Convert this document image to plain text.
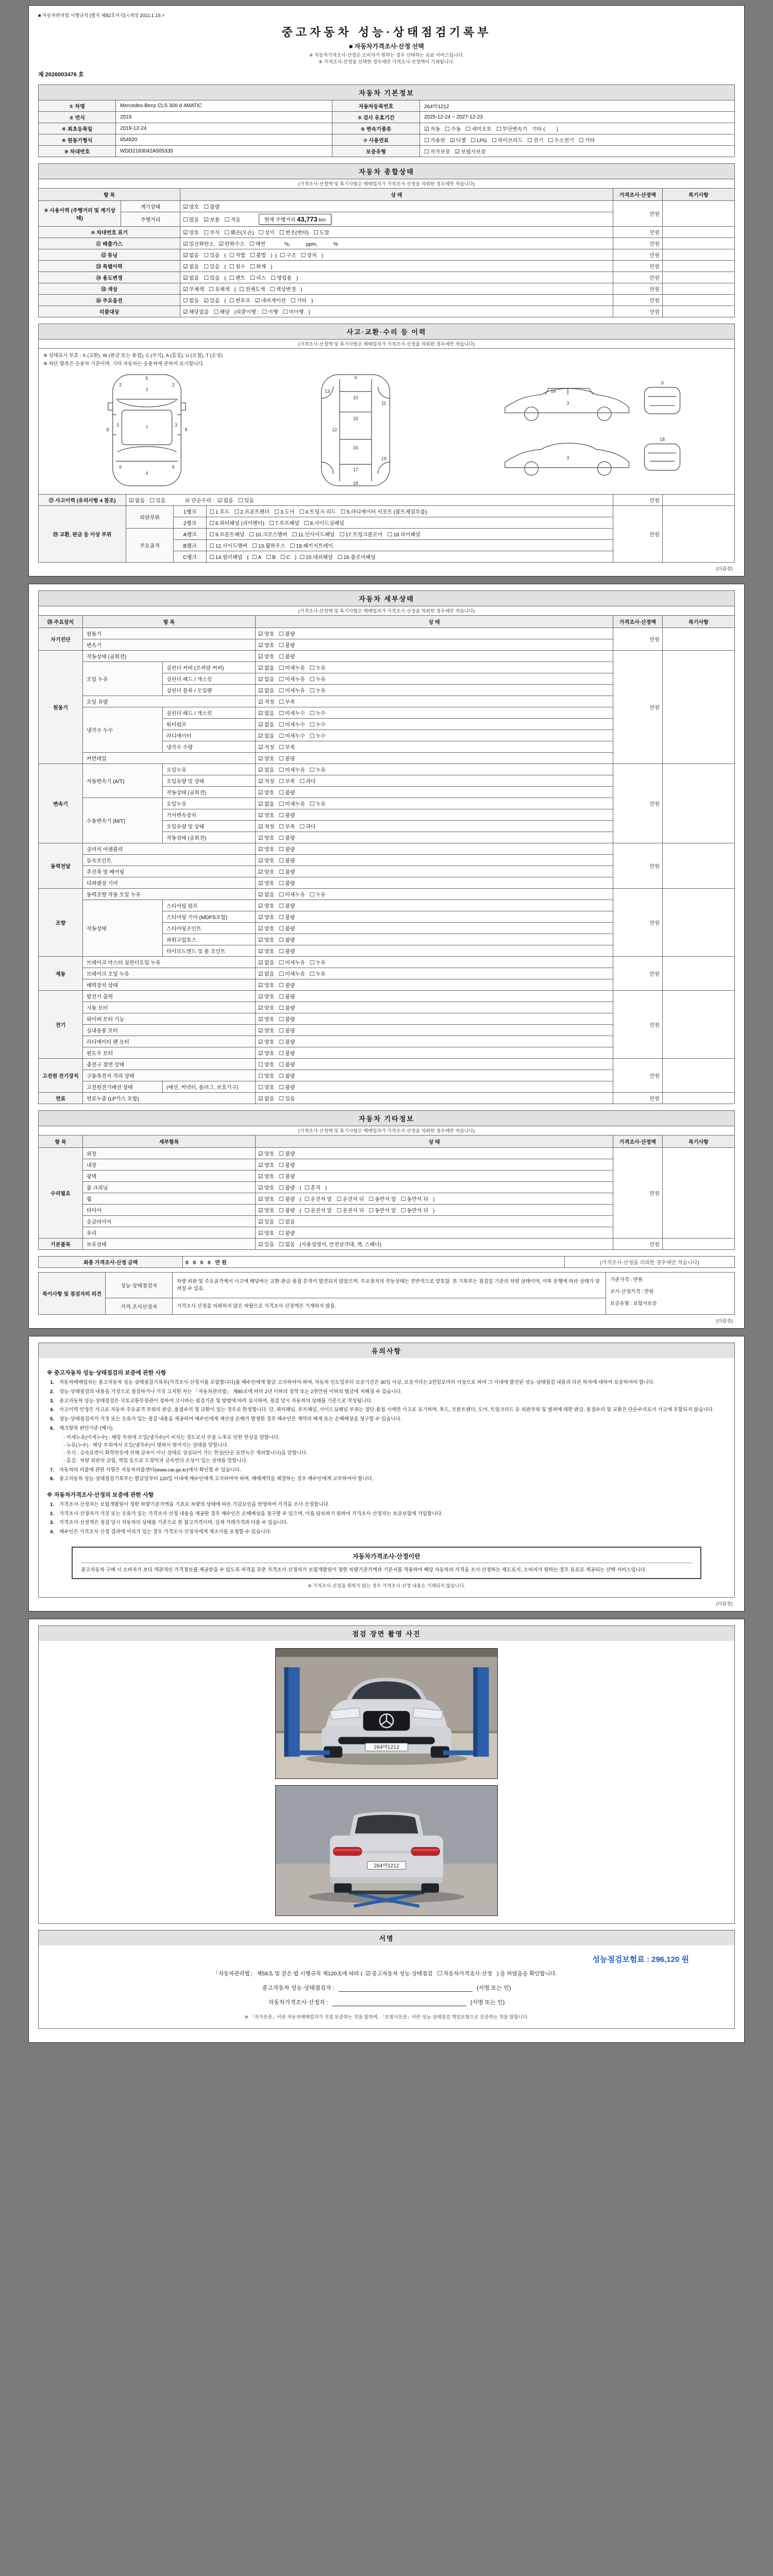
■ 자동차관리법 시행규칙 [별지 제82호서식] <개정 2021.1.19.>
중고자동차 성능·상태점검기록부
■ 자동차가격조사·산정 선택
※ 자동차가격조사·산정은 소비자가 원하는 경우 선택하는 유료 서비스입니다.
※ 가격조사·산정을 선택한 경우에만 가격조사·산정액이 기재됩니다.
제 2026003476 호
자동차 기본정보
① 차명	Mercedes-Benz CLS 300 d 4MATIC	자동차등록번호	264머1212
② 연식	2019	③ 검사 유효기간	2025-12-24 ~ 2027-12-23
④ 최초등록일	2019-12-24	⑤ 변속기종류	☑ 자동 ☐ 수동 ☐ 세미오토 ☐ 무단변속기 기타 (        )
⑥ 원동기형식	654920	⑦ 사용연료	☐ 가솔린 ☑ 디젤 ☐ LPG ☐ 하이브리드 ☐ 전기 ☐ 수소전기 ☐ 기타
⑧ 차대번호	WDD2183042A505335	보증유형	☐ 자가보증 ☑ 보험사보증
자동차 종합상태
(가격조사·산정액 및 특기사항은 매매업자가 가격조사·산정을 의뢰한 경우에만 적습니다)
항 목		상 태	가격조사·산정액	특기사항
⑨ 사용이력 (주행거리 및 계기상태)	계기상태	☑ 양호 ☐ 불량	만원	
	주행거리	☐ 많음 ☑ 보통 ☐ 적음 현재 주행거리 43,773 km		
⑩ 차대번호 표기		☑ 양호 ☐ 부식 ☐ 훼손(오손) ☐ 상이 ☐ 변조(변타) ☐ 도말	만원	
⑪ 배출가스		☑ 일산화탄소 ☑ 탄화수소 ☐ 매연          %,           ppm,           %	만원	
⑫ 튜닝		☑ 없음 ☐ 있음 ( ☐ 적법 ☐ 불법 )  ( ☐ 구조 ☐ 장치 )	만원	
⑬ 특별이력		☑ 없음 ☐ 있음 ( ☐ 침수 ☐ 화재 )	만원	
⑭ 용도변경		☑ 없음 ☐ 있음 ( ☐ 렌트 ☐ 리스 ☐ 영업용 )	만원	
⑮ 색상		☑ 무채색 ☐ 유채색 ( ☐ 전체도색 ☐ 색상변경 )	만원	
⑯ 주요옵션		☐ 없음 ☑ 있음 ( ☐ 썬루프 ☑ 네비게이션 ☐ 기타 )	만원	
리콜대상		☑ 해당없음 ☐ 해당 (리콜이행 : ☐ 이행 ☐ 미이행 )	만원	
사고·교환·수리 등 이력
(가격조사·산정액 및 특기사항은 매매업자가 가격조사·산정을 의뢰한 경우에만 적습니다)
※ 상태표시 부호 : X (교환), W (판금 또는 용접), C (부식), A (흠집), U (요철), T (손상)
※ 하단 항목은 승용차 기준이며, 기타 자동차는 승용차에 준하여 표시합니다.
5
1
7
4
2	2
3	3
6	6
8	8
9
10
11
12
13
15
16
17
18
19
3
14
3
9
18

⑰ 사고이력 (유의사항 4 참조)	☑ 없음 ☐ 있음 ⑱ 단순수리 : ☑ 없음 ☐ 있음			만원	
⑲ 교환, 판금 등 이상 부위	외판부위	1랭크	☐ 1.후드 ☐ 2.프론트펜더 ☐ 3.도어 ☐ 4.트렁크 리드 ☐ 5.라디에이터 서포트 (볼트체결부품)	만원	
		2랭크	☐ 6.쿼터패널 (리어펜더) ☐ 7.루프패널 ☐ 8.사이드실패널		
	주요골격	A랭크	☐ 9.프론트패널 ☐ 10.크로스멤버 ☐ 11.인사이드패널 ☐ 17.트렁크플로어 ☐ 18.리어패널		
		B랭크	☐ 12.사이드멤버 ☐ 13.휠하우스 ☐ 19.패키지트레이		
		C랭크	☐ 14.필러패널 ( ☐ A ☐ B ☐ C ) ☐ 15.대쉬패널 ☐ 16.플로어패널		
(다음장)
자동차 세부상태
(가격조사·산정액 및 특기사항은 매매업자가 가격조사·산정을 의뢰한 경우에만 적습니다)
⑳ 주요장치	항 목		상 태	가격조사·산정액	특기사항
자기진단	원동기		☑ 양호 ☐ 불량	만원	
	변속기		☑ 양호 ☐ 불량		
원동기	작동상태 (공회전)		☑ 양호 ☐ 불량	만원	
	오일 누유	실린더 커버 (로커암 커버)	☑ 없음 ☐ 미세누유 ☐ 누유		
		실린더 헤드 / 개스킷	☑ 없음 ☐ 미세누유 ☐ 누유		
		실린더 블록 / 오일팬	☑ 없음 ☐ 미세누유 ☐ 누유		
	오일 유량		☑ 적정 ☐ 부족		
	냉각수 누수	실린더 헤드 / 개스킷	☑ 없음 ☐ 미세누수 ☐ 누수		
		워터펌프	☑ 없음 ☐ 미세누수 ☐ 누수		
		라디에이터	☑ 없음 ☐ 미세누수 ☐ 누수		
		냉각수 수량	☑ 적정 ☐ 부족		
	커먼레일		☑ 양호 ☐ 불량		
변속기	자동변속기 (A/T)	오일누유	☑ 없음 ☐ 미세누유 ☐ 누유	만원	
		오일유량 및 상태	☑ 적정 ☐ 부족 ☐ 과다		
		작동상태 (공회전)	☑ 양호 ☐ 불량		
	수동변속기 (M/T)	오일누유	☑ 없음 ☐ 미세누유 ☐ 누유		
		기어변속장치	☑ 양호 ☐ 불량		
		오일유량 및 상태	☑ 적정 ☐ 부족 ☐ 과다		
		작동상태 (공회전)	☑ 양호 ☐ 불량		
동력전달	클러치 어셈블리		☑ 양호 ☐ 불량	만원	
	등속조인트		☑ 양호 ☐ 불량		
	추진축 및 베어링		☑ 양호 ☐ 불량		
	디퍼렌셜 기어		☑ 양호 ☐ 불량		
조향	동력조향 작동 오일 누유		☑ 없음 ☐ 미세누유 ☐ 누유	만원	
	작동상태	스티어링 펌프	☑ 양호 ☐ 불량		
		스티어링 기어 (MDPS포함)	☑ 양호 ☐ 불량		
		스티어링조인트	☑ 양호 ☐ 불량		
		파워고압호스	☑ 양호 ☐ 불량		
		타이로드엔드 및 볼 조인트	☑ 양호 ☐ 불량		
제동	브레이크 마스터 실린더오일 누유		☑ 없음 ☐ 미세누유 ☐ 누유	만원	
	브레이크 오일 누유		☑ 없음 ☐ 미세누유 ☐ 누유		
	배력장치 상태		☑ 양호 ☐ 불량		
전기	발전기 출력		☑ 양호 ☐ 불량	만원	
	시동 모터		☑ 양호 ☐ 불량		
	와이퍼 모터 기능		☑ 양호 ☐ 불량		
	실내송풍 모터		☑ 양호 ☐ 불량		
	라디에이터 팬 모터		☑ 양호 ☐ 불량		
	윈도우 모터		☑ 양호 ☐ 불량		
고전원 전기장치	충전구 절연 상태		☐ 양호 ☐ 불량	만원	
	구동축전지 격리 상태		☐ 양호 ☐ 불량		
	고전원전기배선 상태	(배선, 커넥터, 플러그, 보호기구)	☐ 양호 ☐ 불량		
연료	연료누출 (LP가스 포함)		☑ 없음 ☐ 있음	만원	
자동차 기타정보
(가격조사·산정액 및 특기사항은 매매업자가 가격조사·산정을 의뢰한 경우에만 적습니다)
항 목	세부항목	상 태	가격조사·산정액	특기사항
수리필요	외장	☑ 양호 ☐ 불량	만원	
	내장	☑ 양호 ☐ 불량		
	광택	☑ 양호 ☐ 불량		
	룸 크리닝	☑ 양호 ☐ 불량 ( ☐ 흔적 )		
	휠	☑ 양호 ☐ 불량 ( ☐ 운전석 앞 ☐ 운전석 뒤 ☐ 동반석 앞 ☐ 동반석 뒤 )		
	타이어	☑ 양호 ☐ 불량 ( ☐ 운전석 앞 ☐ 운전석 뒤 ☐ 동반석 앞 ☐ 동반석 뒤 )		
	응급타이어	☑ 있음 ☐ 없음		
	유리	☑ 양호 ☐ 불량		
기본품목	보유상태	☑ 있음 ☐ 없음 (사용설명서, 안전삼각대, 잭, 스패너)	만원	
최종 가격조사·산정 금액	0 0 0 0 만원	(가격조사·산정을 의뢰한 경우에만 적습니다)
특이사항 및 점검자의 의견	성능·상태점검자	차량 외판 및 주요골격에서 사고에 해당하는 교환·판금·용접 흔적이 발견되지 않았으며, 주요장치의 작동상태는 전반적으로 양호함. 본 기록부는 점검일 기준의 차량 상태이며, 이후 운행에 따라 상태가 달라질 수 있음.	기준가격 : 만원
조사·산정가격 : 만원
보증유형 : 보험사보증

	가격·조사산정자	가격조사·산정을 의뢰하지 않은 차량으로 가격조사·산정액은 기재하지 않음.	
(다음장)
유의사항
※ 중고자동차 성능·상태점검의 보증에 관한 사항
1.	자동차매매업자는 중고자동차 성능·상태점검기록부(가격조사·산정서를 포함합니다)를 매수인에게 발급·고지하여야 하며, 자동차 인도일부터 보증기간은 30일 이상, 보증거리는 2천킬로미터 이상으로 하여 그 이내에 발견된 성능·상태점검 내용과 다른 하자에 대하여 보증하여야 합니다.
2.	성능·상태점검의 내용을 거짓으로 점검하거나 거짓 고지한 자는 「자동차관리법」 제80조에 따라 2년 이하의 징역 또는 2천만원 이하의 벌금에 처해질 수 있습니다.
3.	중고자동차 성능·상태점검은 국토교통부장관이 정하여 고시하는 점검기준 및 방법에 따라 실시하며, 점검 당시 자동차의 상태를 기준으로 작성됩니다.
4.	사고이력 인정은 사고로 자동차 주요골격 부위의 판금, 용접수리 및 교환이 있는 경우로 한정합니다. 단, 쿼터패널, 루프패널, 사이드실패널 부위는 절단·용접 시에만 사고로 표기하며, 후드, 프론트펜더, 도어, 트렁크리드 등 외판부위 및 범퍼에 대한 판금, 용접수리 및 교환은 단순수리로서 사고에 포함되지 않습니다.
5.	성능·상태점검자가 거짓 또는 오류가 있는 점검 내용을 제공하여 매수인에게 재산상 손해가 발생한 경우 매수인은 계약의 해제 또는 손해배상을 청구할 수 있습니다.
6.	체크항목 판단기준 (예시)
- 미세누유(미세누수) : 해당 부위에 오일(냉각수)이 비치는 정도로서 부품 노후로 인한 현상을 말합니다.
- 누유(누수) : 해당 부위에서 오일(냉각수)이 맺혀서 떨어지는 상태를 말합니다.
- 부식 : 금속표면이 화학반응에 의해 금속이 아닌 상태로 상실되어 가는 현상(단순 표면녹은 제외합니다)을 말합니다.
- 흠집 : 차량 외판의 긁힘, 찍힘 등으로 도장막과 금속면의 손상이 있는 상태를 말합니다.
7.	자동차의 리콜에 관한 사항은 자동차리콜센터(www.car.go.kr)에서 확인할 수 있습니다.
8.	중고자동차 성능·상태점검기록부는 발급일부터 120일 이내에 매수인에게 고지하여야 하며, 매매계약을 체결하는 경우 매수인에게 교부하여야 합니다.
※ 자동차가격조사·산정의 보증에 관한 사항
1.	가격조사·산정자는 보험개발원이 정한 차량기준가액을 기초로 차량의 상태에 따른 가감요인을 반영하여 가격을 조사·산정합니다.
2.	가격조사·산정자가 거짓 또는 오류가 있는 가격조사·산정 내용을 제공한 경우 매수인은 손해배상을 청구할 수 있으며, 이를 담보하기 위하여 가격조사·산정자는 보증보험에 가입합니다.
3.	가격조사·산정액은 점검 당시 자동차의 상태를 기준으로 한 참고가격이며, 실제 거래가격과 다를 수 있습니다.
4.	매수인은 가격조사·산정 결과에 이의가 있는 경우 가격조사·산정자에게 재조사를 요청할 수 있습니다.
자동차가격조사·산정이란
중고자동차 구매 시 소비자가 보다 객관적인 가격정보를 제공받을 수 있도록 자격을 갖춘 가격조사·산정자가 보험개발원이 정한 차량기준가액과 기준서를 적용하여 해당 자동차의 가격을 조사·산정하는 제도로서, 소비자가 원하는 경우 유료로 제공되는 선택 서비스입니다.
※ 가격조사·산정을 원하지 않는 경우 가격조사·산정 내용은 기재되지 않습니다.
(다음장)
점검 장면 촬영 사진
264머1212
264머1212
서명
성능점검보험료 : 296,120 원
「자동차관리법」 제58조 및 같은 법 시행규칙 제120조에 따라 ( ☑ 중고자동차 성능·상태점검 ☐ 자동차가격조사·산정 ) 을 하였음을 확인합니다.
중고자동차 성능·상태점검자 :	(서명 또는 인)
자동차가격조사·산정자 :	(서명 또는 인)
※ 「자가보증」이란 자동차매매업자가 직접 보증하는 것을 말하며, 「보험사보증」이란 성능·상태점검 책임보험으로 보증하는 것을 말합니다.
